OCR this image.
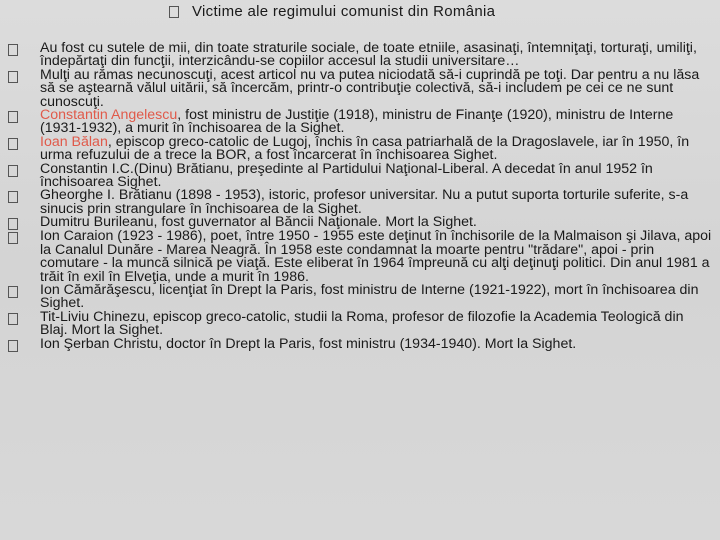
Victime ale regimului comunist din România
Au fost cu sutele de mii, din toate straturile sociale, de toate etniile, asasinaţi, întemniţaţi, torturaţi, umiliţi, îndepărtaţi din funcţii, interzicându-se copiilor accesul la studii universitare…
Mulţi au rămas necunoscuţi, acest articol nu va putea niciodată să-i cuprindă pe toţi. Dar pentru a nu lăsa să se aştearnă vălul uitării, să încercăm, printr-o contribuţie colectivă, să-i includem pe cei ce ne sunt cunoscuţi.
Constantin Angelescu, fost ministru de Justiţie (1918), ministru de Finanţe (1920), ministru de Interne (1931-1932), a murit în închisoarea de la Sighet.
Ioan Bălan, episcop greco-catolic de Lugoj, închis în casa patriarhală de la Dragoslavele, iar în 1950, în urma refuzului de a trece la BOR, a fost încarcerat în închisoarea Sighet.
Constantin I.C.(Dinu) Brătianu, preşedinte al Partidului Naţional-Liberal. A decedat în anul 1952 în închisoarea Sighet.
Gheorghe I. Brătianu (1898 - 1953), istoric, profesor universitar. Nu a putut suporta torturile suferite, s-a sinucis prin strangulare în închisoarea de la Sighet.
Dumitru Burileanu, fost guvernator al Băncii Naţionale. Mort la Sighet.
Ion Caraion (1923 - 1986), poet, între 1950 - 1955 este deţinut în închisorile de la Malmaison şi Jilava, apoi la Canalul Dunăre - Marea Neagră. În 1958 este condamnat la moarte pentru "trădare", apoi - prin comutare - la muncă silnică pe viaţă. Este eliberat în 1964 împreună cu alţi deţinuţi politici. Din anul 1981 a trăit în exil în Elveţia, unde a murit în 1986.
Ion Cămărăşescu, licenţiat în Drept la Paris, fost ministru de Interne (1921-1922), mort în închisoarea din Sighet.
Tit-Liviu Chinezu, episcop greco-catolic, studii la Roma, profesor de filozofie la Academia Teologică din Blaj. Mort la Sighet.
Ion Şerban Christu, doctor în Drept la Paris, fost ministru (1934-1940). Mort la Sighet.
